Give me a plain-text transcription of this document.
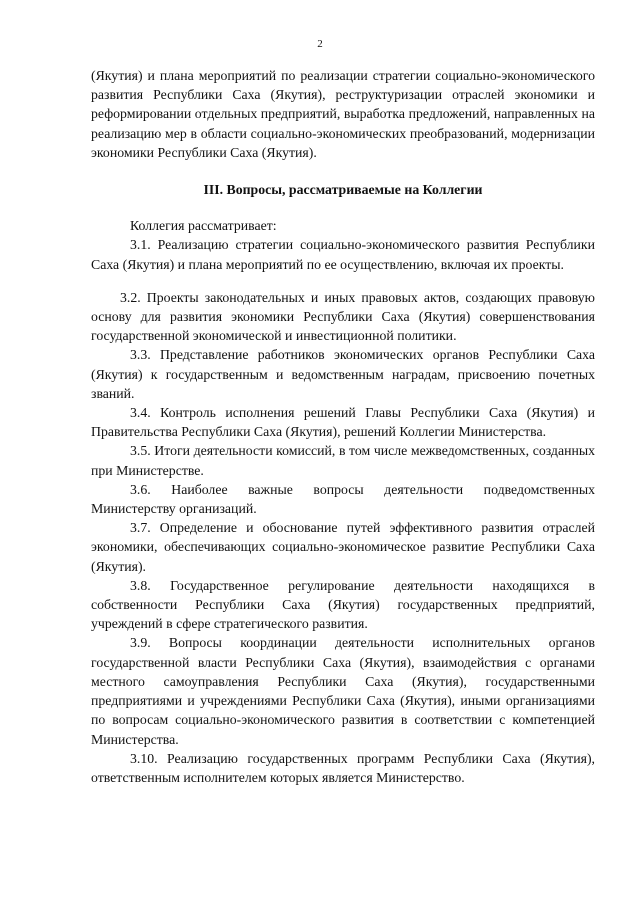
2

(Якутия) и плана мероприятий по реализации стратегии социально-экономического развития Республики Саха (Якутия), реструктуризации отраслей экономики и реформировании отдельных предприятий, выработка предложений, направленных на реализацию мер в области социально-экономических преобразований, модернизации экономики Республики Саха (Якутия).

III. Вопросы, рассматриваемые на Коллегии

Коллегия рассматривает:

3.1. Реализацию стратегии социально-экономического развития Республики Саха (Якутия) и плана мероприятий по ее осуществлению, включая их проекты.

3.2. Проекты законодательных и иных правовых актов, создающих правовую основу для развития экономики Республики Саха (Якутия) совершенствования государственной экономической и инвестиционной политики.

3.3. Представление работников экономических органов Республики Саха (Якутия) к государственным и ведомственным наградам, присвоению почетных званий.

3.4. Контроль исполнения решений Главы Республики Саха (Якутия) и Правительства Республики Саха (Якутия), решений Коллегии Министерства.

3.5. Итоги деятельности комиссий, в том числе межведомственных, созданных при Министерстве.

3.6. Наиболее важные вопросы деятельности подведомственных Министерству организаций.

3.7. Определение и обоснование путей эффективного развития отраслей экономики, обеспечивающих социально-экономическое развитие Республики Саха (Якутия).

3.8. Государственное регулирование деятельности находящихся в собственности Республики Саха (Якутия) государственных предприятий, учреждений в сфере стратегического развития.

3.9. Вопросы координации деятельности исполнительных органов государственной власти Республики Саха (Якутия), взаимодействия с органами местного самоуправления Республики Саха (Якутия), государственными предприятиями и учреждениями Республики Саха (Якутия), иными организациями по вопросам социально-экономического развития в соответствии с компетенцией Министерства.

3.10. Реализацию государственных программ Республики Саха (Якутия), ответственным исполнителем которых является Министерство.
